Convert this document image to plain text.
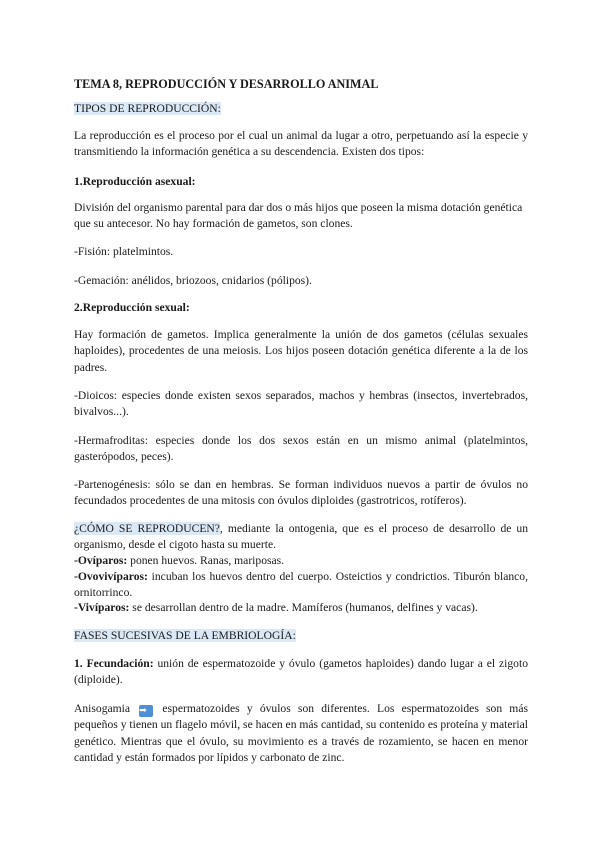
TEMA 8, REPRODUCCIÓN Y DESARROLLO ANIMAL
TIPOS DE REPRODUCCIÓN:
La reproducción es el proceso por el cual un animal da lugar a otro, perpetuando así la especie y transmitiendo la información genética a su descendencia. Existen dos tipos:
1.Reproducción asexual:
División del organismo parental para dar dos o más hijos que poseen la misma dotación genética que su antecesor. No hay formación de gametos, son clones.
-Fisión: platelmintos.
-Gemación: anélidos, briozoos, cnidarios (pólipos).
2.Reproducción sexual:
Hay formación de gametos. Implica generalmente la unión de dos gametos (células sexuales haploides), procedentes de una meiosis. Los hijos poseen dotación genética diferente a la de los padres.
-Dioicos: especies donde existen sexos separados, machos y hembras (insectos, invertebrados, bivalvos...).
-Hermafroditas: especies donde los dos sexos están en un mismo animal (platelmintos, gasterópodos, peces).
-Partenogénesis: sólo se dan en hembras. Se forman individuos nuevos a partir de óvulos no fecundados procedentes de una mitosis con óvulos diploides (gastrotricos, rotíferos).
¿CÓMO SE REPRODUCEN?, mediante la ontogenia, que es el proceso de desarrollo de un organismo, desde el cigoto hasta su muerte.
-Ovíparos: ponen huevos. Ranas, mariposas.
-Ovovivíparos: incuban los huevos dentro del cuerpo. Osteictios y condrictios. Tiburón blanco, ornitorrinco.
-Vivíparos: se desarrollan dentro de la madre. Mamíferos (humanos, delfines y vacas).
FASES SUCESIVAS DE LA EMBRIOLOGÍA:
1. Fecundación: unión de espermatozoide y óvulo (gametos haploides) dando lugar a el zigoto (diploide).
Anisogamia ➡ espermatozoides y óvulos son diferentes. Los espermatozoides son más pequeños y tienen un flagelo móvil, se hacen en más cantidad, su contenido es proteína y material genético. Mientras que el óvulo, su movimiento es a través de rozamiento, se hacen en menor cantidad y están formados por lípidos y carbonato de zinc.
